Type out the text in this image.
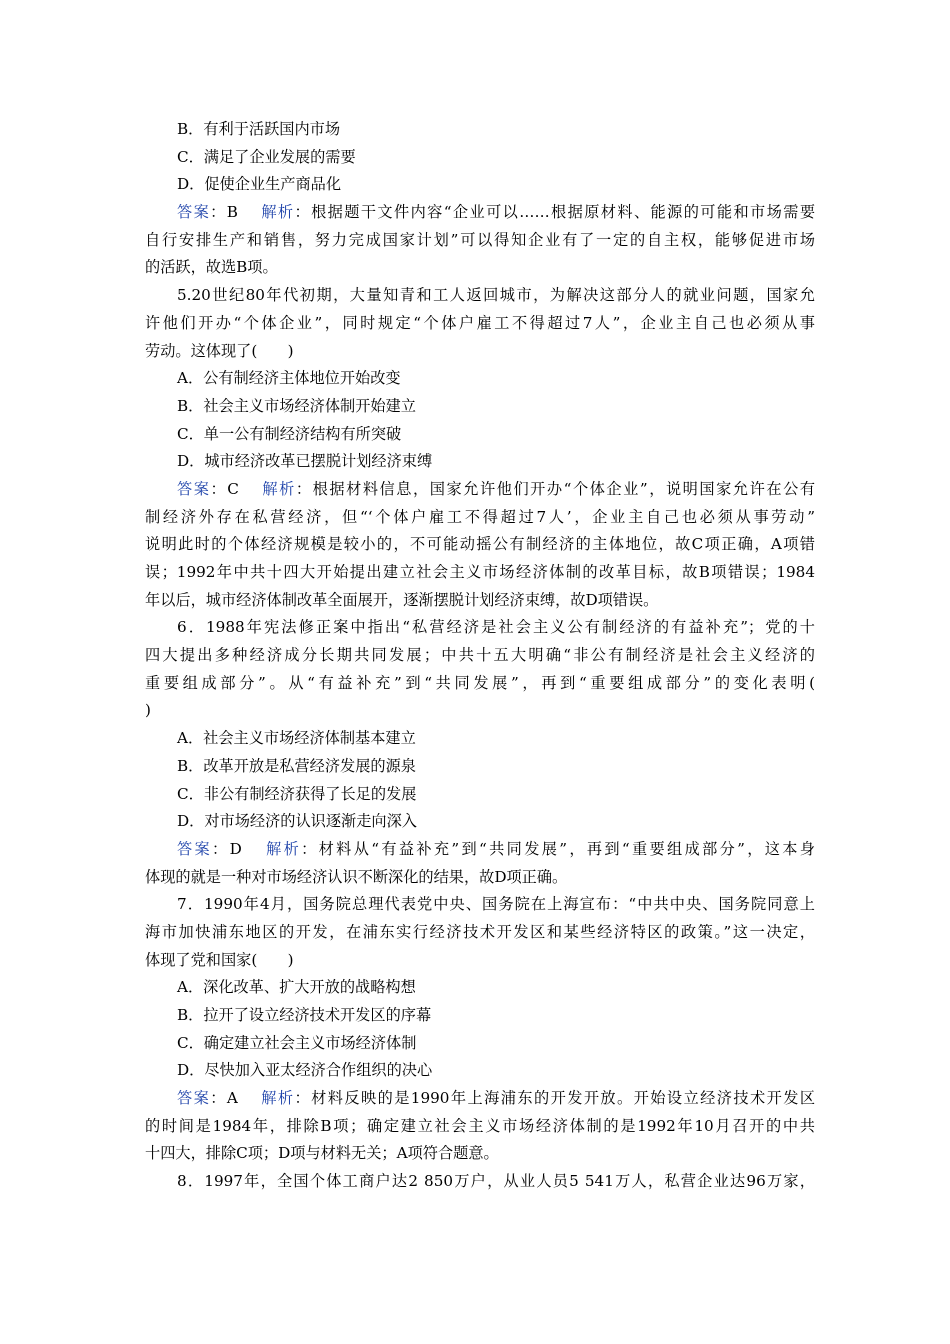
B．有利于活跃国内市场
C．满足了企业发展的需要
D．促使企业生产商品化
答案：B 解析：根据题干文件内容“企业可以……根据原材料、能源的可能和市场需要
自行安排生产和销售，努力完成国家计划”可以得知企业有了一定的自主权，能够促进市场
的活跃，故选B项。
5.20世纪80年代初期，大量知青和工人返回城市，为解决这部分人的就业问题，国家允
许他们开办“个体企业”，同时规定“个体户雇工不得超过7人”，企业主自己也必须从事
劳动。这体现了(　　)
A．公有制经济主体地位开始改变
B．社会主义市场经济体制开始建立
C．单一公有制经济结构有所突破
D．城市经济改革已摆脱计划经济束缚
答案：C 解析：根据材料信息，国家允许他们开办“个体企业”，说明国家允许在公有
制经济外存在私营经济，但“‘个体户雇工不得超过7人’，企业主自己也必须从事劳动”
说明此时的个体经济规模是较小的，不可能动摇公有制经济的主体地位，故C项正确，A项错
误；1992年中共十四大开始提出建立社会主义市场经济体制的改革目标，故B项错误；1984
年以后，城市经济体制改革全面展开，逐渐摆脱计划经济束缚，故D项错误。
6．1988年宪法修正案中指出“私营经济是社会主义公有制经济的有益补充”；党的十
四大提出多种经济成分长期共同发展；中共十五大明确“非公有制经济是社会主义经济的
重要组成部分”。从“有益补充”到“共同发展”，再到“重要组成部分”的变化表明(
)
A．社会主义市场经济体制基本建立
B．改革开放是私营经济发展的源泉
C．非公有制经济获得了长足的发展
D．对市场经济的认识逐渐走向深入
答案：D 解析：材料从“有益补充”到“共同发展”，再到“重要组成部分”，这本身
体现的就是一种对市场经济认识不断深化的结果，故D项正确。
7．1990年4月，国务院总理代表党中央、国务院在上海宣布：“中共中央、国务院同意上
海市加快浦东地区的开发，在浦东实行经济技术开发区和某些经济特区的政策。”这一决定，
体现了党和国家(　　)
A．深化改革、扩大开放的战略构想
B．拉开了设立经济技术开发区的序幕
C．确定建立社会主义市场经济体制
D．尽快加入亚太经济合作组织的决心
答案：A 解析：材料反映的是1990年上海浦东的开发开放。开始设立经济技术开发区
的时间是1984年，排除B项；确定建立社会主义市场经济体制的是1992年10月召开的中共
十四大，排除C项；D项与材料无关；A项符合题意。
8．1997年，全国个体工商户达2 850万户，从业人员5 541万人，私营企业达96万家，
